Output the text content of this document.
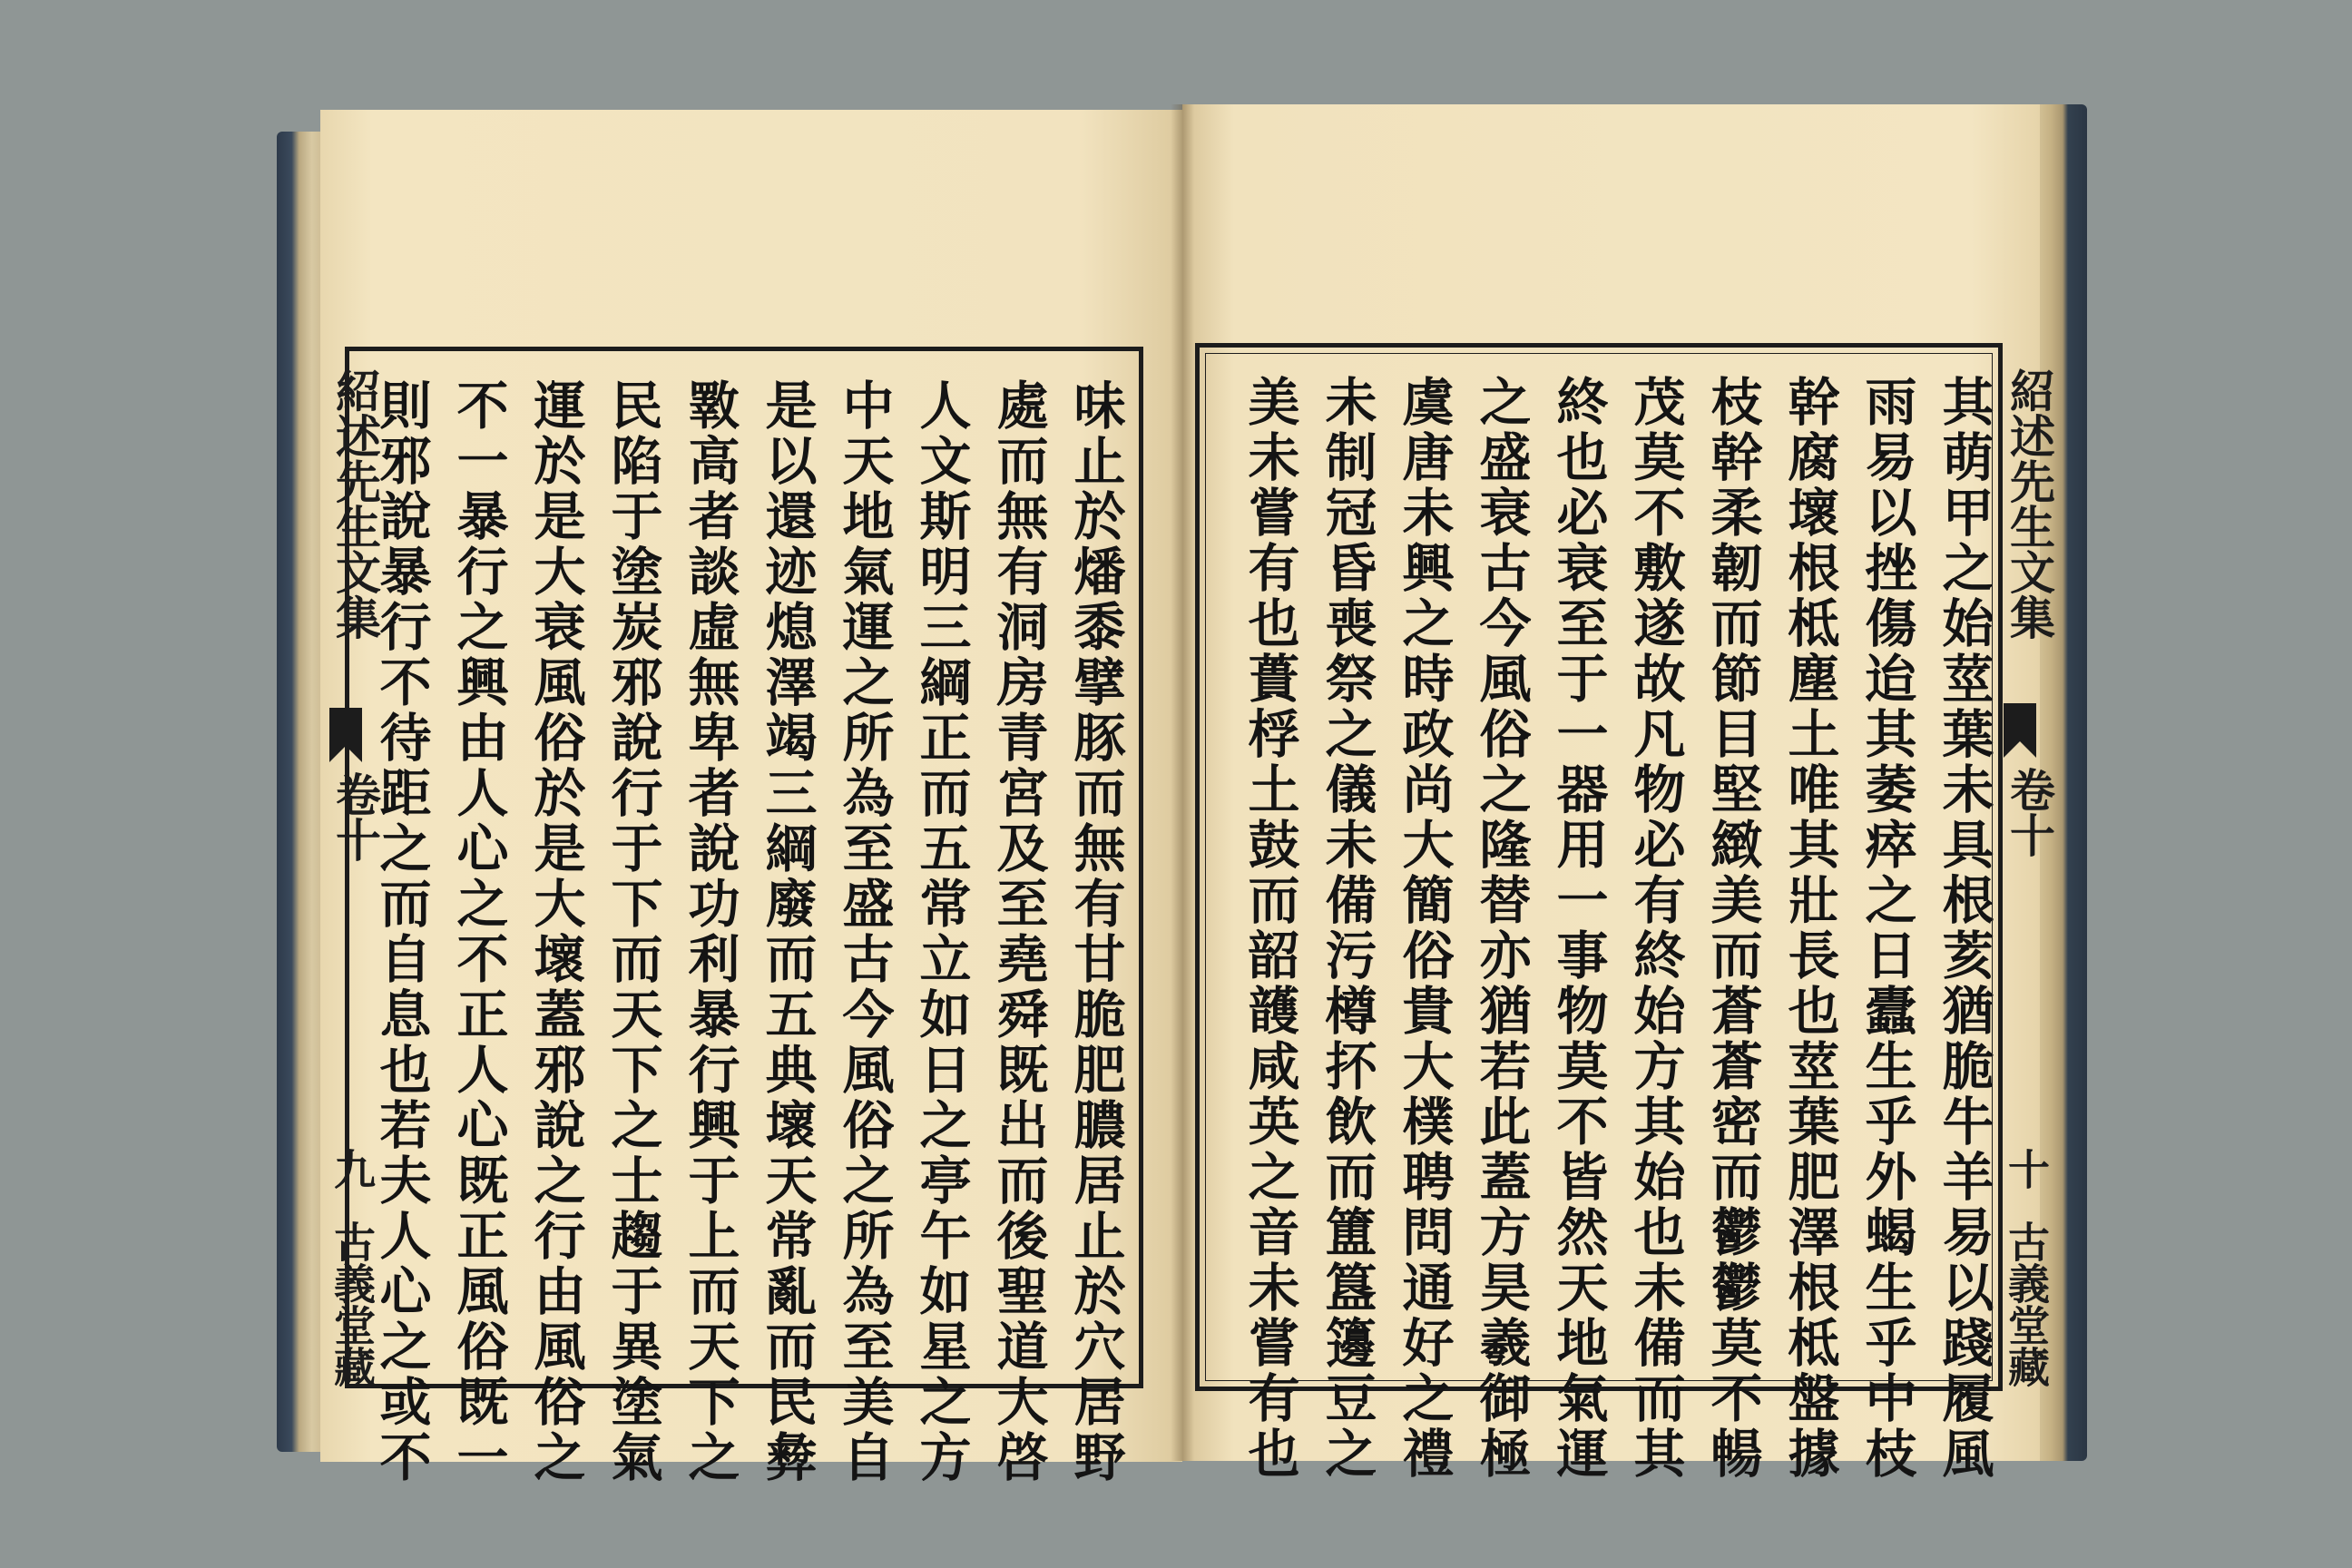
其萌甲之始莖葉未具根荄猶脆牛羊易以踐履風
雨易以挫傷迨其萎瘁之日蠹生乎外蝎生乎中枝
幹腐壞根柢塵土唯其壯長也莖葉肥澤根柢盤據
枝幹柔韌而節目堅緻美而蒼蒼密而鬱鬱莫不暢
茂莫不敷遂故凡物必有終始方其始也未備而其
終也必衰至于一器用一事物莫不皆然天地氣運
之盛衰古今風俗之隆替亦猶若此蓋方昊羲御極
虞唐未興之時政尚大簡俗貴大樸聘問通好之禮
未制冠昏喪祭之儀未備污樽抔飲而簠簋籩豆之
美未嘗有也蕢桴土鼓而韶頀咸英之音未嘗有也	紹述先生文集
卷十
十
古義堂藏
味止於燔黍擘豚而無有甘脆肥膿居止於穴居野
處而無有洞房青宮及至堯舜既出而後聖道大啓
人文斯明三綱正而五常立如日之亭午如星之方
中天地氣運之所為至盛古今風俗之所為至美自
是以還迹熄澤竭三綱廢而五典壞天常亂而民彜
斁高者談虛無卑者說功利暴行興于上而天下之
民陷于塗炭邪說行于下而天下之士趨于異塗氣
運於是大衰風俗於是大壞蓋邪說之行由風俗之
不一暴行之興由人心之不正人心既正風俗既一
則邪說暴行不待距之而自息也若夫人心之或不
紹述先生文集
卷十
九
古義堂藏
